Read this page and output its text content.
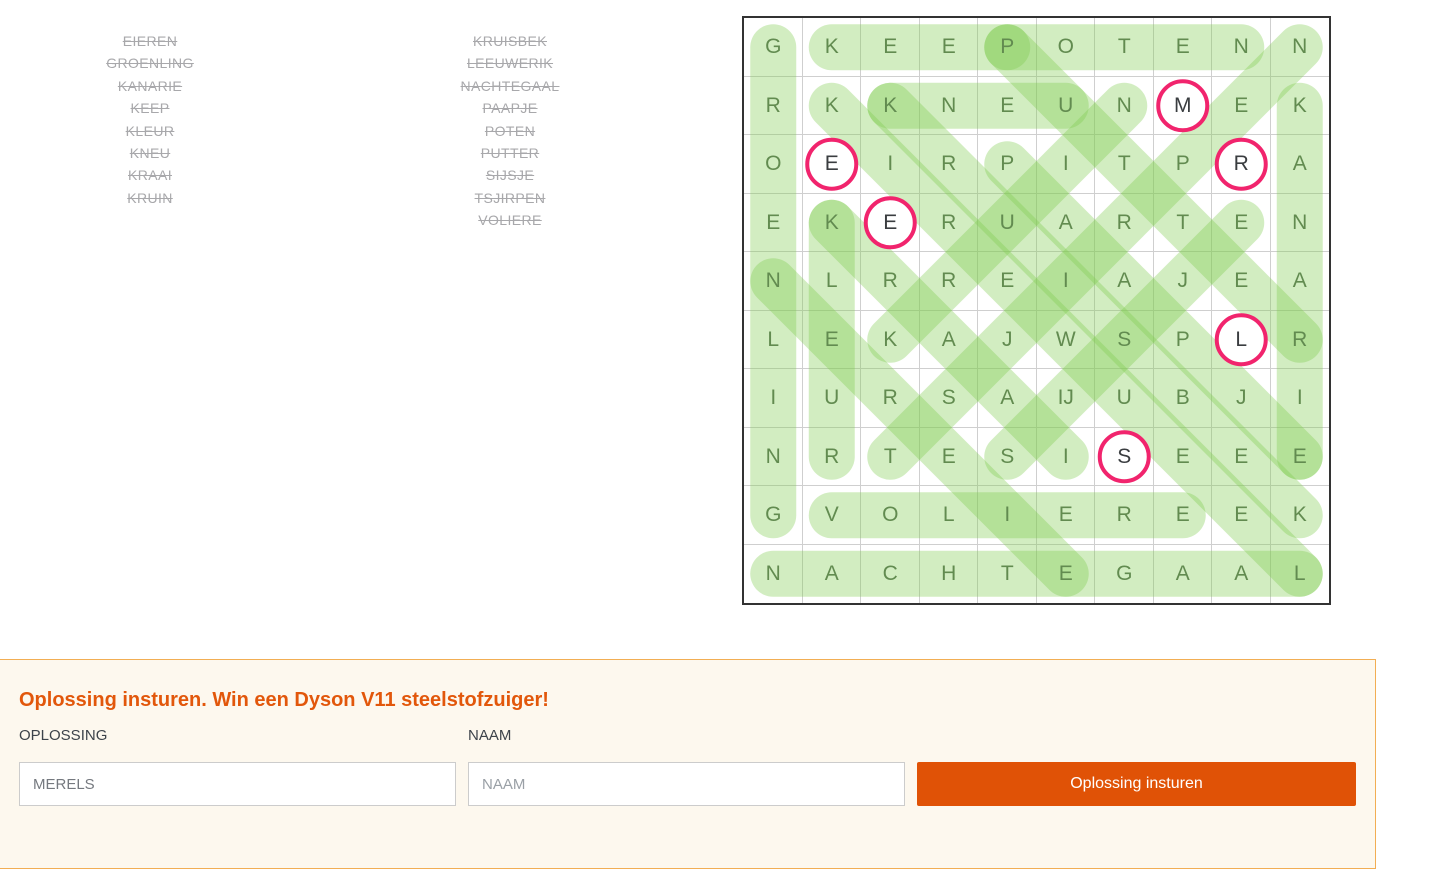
EIEREN
GROENLING
KANARIE
KEEP
KLEUR
KNEU
KRAAI
KRUIN
KRUISBEK
LEEUWERIK
NACHTEGAAL
PAAPJE
POTEN
PUTTER
SIJSJE
TSJIRPEN
VOLIERE
G	K	E	E	P	O	T	E	N	N
R	K	K	N	E	U	N	M	E	K
O	E	I	R	P	I	T	P	R	A
E	K	E	R	U	A	R	T	E	N
N	L	R	R	E	I	A	J	E	A
L	E	K	A	J	W	S	P	L	R
I	U	R	S	A	IJ	U	B	J	I
N	R	T	E	S	I	S	E	E	E
G	V	O	L	I	E	R	E	E	K
N	A	C	H	T	E	G	A	A	L

Oplossing insturen. Win een Dyson V11 steelstofzuiger!

OPLOSSING
MERELS	NAAM
NAAM
Oplossing insturen
